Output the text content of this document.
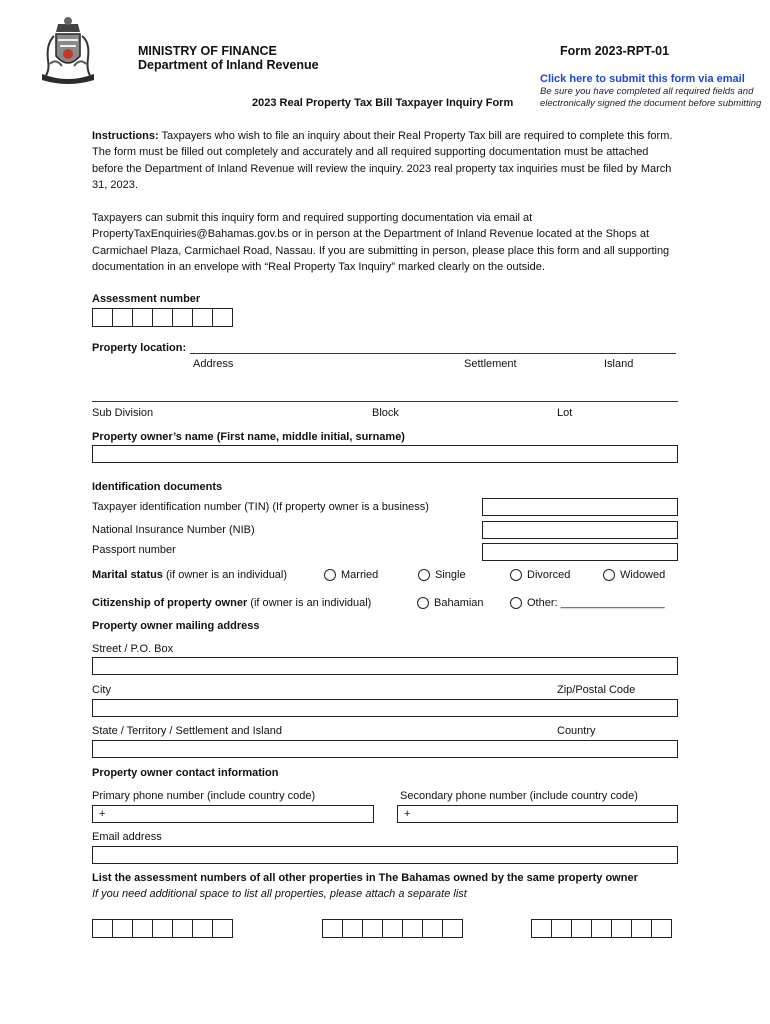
MINISTRY OF FINANCE
Department of Inland Revenue
Form 2023-RPT-01
Click here to submit this form via email
Be sure you have completed all required fields and electronically signed the document before submitting
2023 Real Property Tax Bill Taxpayer Inquiry Form
Instructions: Taxpayers who wish to file an inquiry about their Real Property Tax bill are required to complete this form. The form must be filled out completely and accurately and all required supporting documentation must be attached before the Department of Inland Revenue will review the inquiry. 2023 real property tax inquiries must be filed by March 31, 2023.
Taxpayers can submit this inquiry form and required supporting documentation via email at PropertyTaxEnquiries@Bahamas.gov.bs or in person at the Department of Inland Revenue located at the Shops at Carmichael Plaza, Carmichael Road, Nassau. If you are submitting in person, please place this form and all supporting documentation in an envelope with “Real Property Tax Inquiry” marked clearly on the outside.
Assessment number
Property location:
Address	Settlement	Island
Sub Division	Block	Lot
Property owner’s name (First name, middle initial, surname)
Identification documents
Taxpayer identification number (TIN) (If property owner is a business)
National Insurance Number (NIB)
Passport number
Marital status (if owner is an individual)	Married	Single	Divorced	Widowed
Citizenship of property owner (if owner is an individual)	Bahamian	Other: _________________
Property owner mailing address
Street / P.O. Box
City	Zip/Postal Code
State / Territory / Settlement and Island	Country
Property owner contact information
Primary phone number (include country code)	Secondary phone number (include country code)
+	+
Email address
List the assessment numbers of all other properties in The Bahamas owned by the same property owner
If you need additional space to list all properties, please attach a separate list
